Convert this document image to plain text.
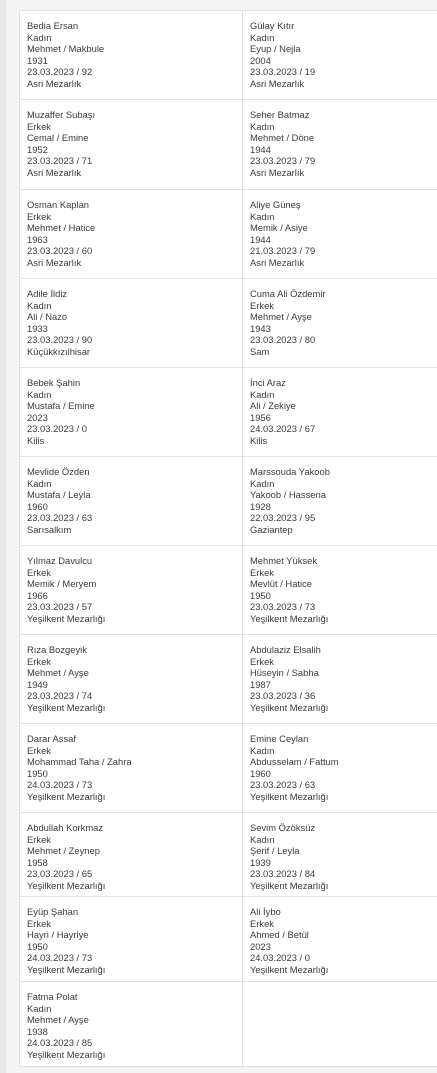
Bedia Ersan
Kadın
Mehmet / Makbule
1931
23.03.2023 / 92
Asri Mezarlık
Gülay Kıtır
Kadın
Eyup / Nejla
2004
23.03.2023 / 19
Asri Mezarlık
Muzaffer Subaşı
Erkek
Cemal / Emine
1952
23.03.2023 / 71
Asri Mezarlık
Seher Batmaz
Kadın
Mehmet / Döne
1944
23.03.2023 / 79
Asri Mezarlık
Osman Kaplan
Erkek
Mehmet / Hatice
1963
23.03.2023 / 60
Asri Mezarlık
Aliye Güneş
Kadın
Memik / Asiye
1944
21.03.2023 / 79
Asri Mezarlık
Adile İldiz
Kadın
Ali / Nazo
1933
23.03.2023 / 90
Küçükkızılhisar
Cuma Ali Özdemir
Erkek
Mehmet / Ayşe
1943
23.03.2023 / 80
Sam
Bebek Şahin
Kadın
Mustafa / Emine
2023
23.03.2023 / 0
Kilis
İnci Araz
Kadın
Ali / Zekiye
1956
24.03.2023 / 67
Kilis
Mevlide Özden
Kadın
Mustafa / Leyla
1960
23.03.2023 / 63
Sarısalkım
Marssouda Yakoob
Kadın
Yakoob / Hassena
1928
22.03.2023 / 95
Gaziantep
Yılmaz Davulcu
Erkek
Memik / Meryem
1966
23.03.2023 / 57
Yeşilkent Mezarlığı
Mehmet Yüksek
Erkek
Mevlüt / Hatice
1950
23.03.2023 / 73
Yeşilkent Mezarlığı
Rıza Bozgeyik
Erkek
Mehmet / Ayşe
1949
23.03.2023 / 74
Yeşilkent Mezarlığı
Abdulaziz Elsalih
Erkek
Hüseyin / Sabha
1987
23.03.2023 / 36
Yeşilkent Mezarlığı
Darar Assaf
Erkek
Mohammad Taha / Zahra
1950
24.03.2023 / 73
Yeşilkent Mezarlığı
Emine Ceylan
Kadın
Abdusselam / Fattum
1960
23.03.2023 / 63
Yeşilkent Mezarlığı
Abdullah Korkmaz
Erkek
Mehmet / Zeynep
1958
23.03.2023 / 65
Yeşilkent Mezarlığı
Sevim Özöksüz
Kadın
Şerif / Leyla
1939
23.03.2023 / 84
Yeşilkent Mezarlığı
Eyüp Şahan
Erkek
Hayri / Hayriye
1950
24.03.2023 / 73
Yeşilkent Mezarlığı
Ali İybo
Erkek
Ahmed / Betül
2023
24.03.2023 / 0
Yeşilkent Mezarlığı
Fatma Polat
Kadın
Mehmet / Ayşe
1938
24.03.2023 / 85
Yeşilkent Mezarlığı
